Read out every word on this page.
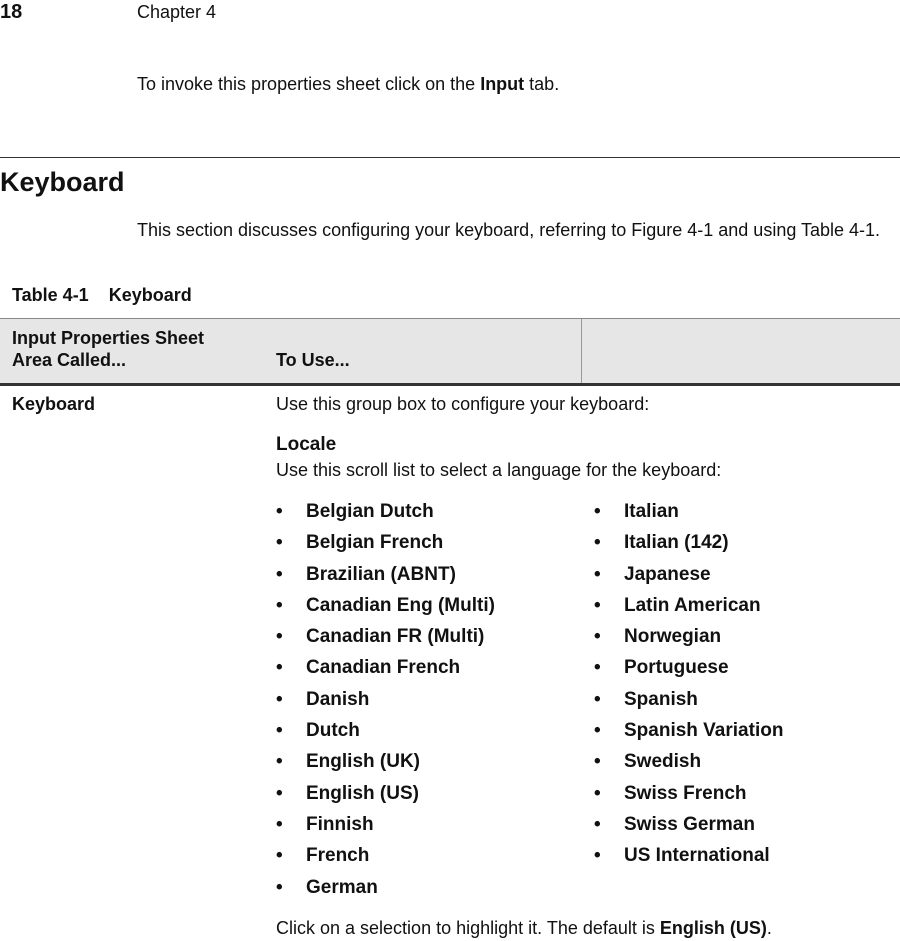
18	Chapter 4
To invoke this properties sheet click on the Input tab.
Keyboard
This section discusses configuring your keyboard, referring to Figure 4-1 and using Table 4-1.
Table 4-1 Keyboard
Input Properties Sheet
Area Called...	To Use...
Keyboard	Use this group box to configure your keyboard:
Locale
Use this scroll list to select a language for the keyboard:
• Belgian Dutch
• Belgian French
• Brazilian (ABNT)
• Canadian Eng (Multi)
• Canadian FR (Multi)
• Canadian French
• Danish
• Dutch
• English (UK)
• English (US)
• Finnish
• French
• German
• Italian
• Italian (142)
• Japanese
• Latin American
• Norwegian
• Portuguese
• Spanish
• Spanish Variation
• Swedish
• Swiss French
• Swiss German
• US International
Click on a selection to highlight it. The default is English (US).
